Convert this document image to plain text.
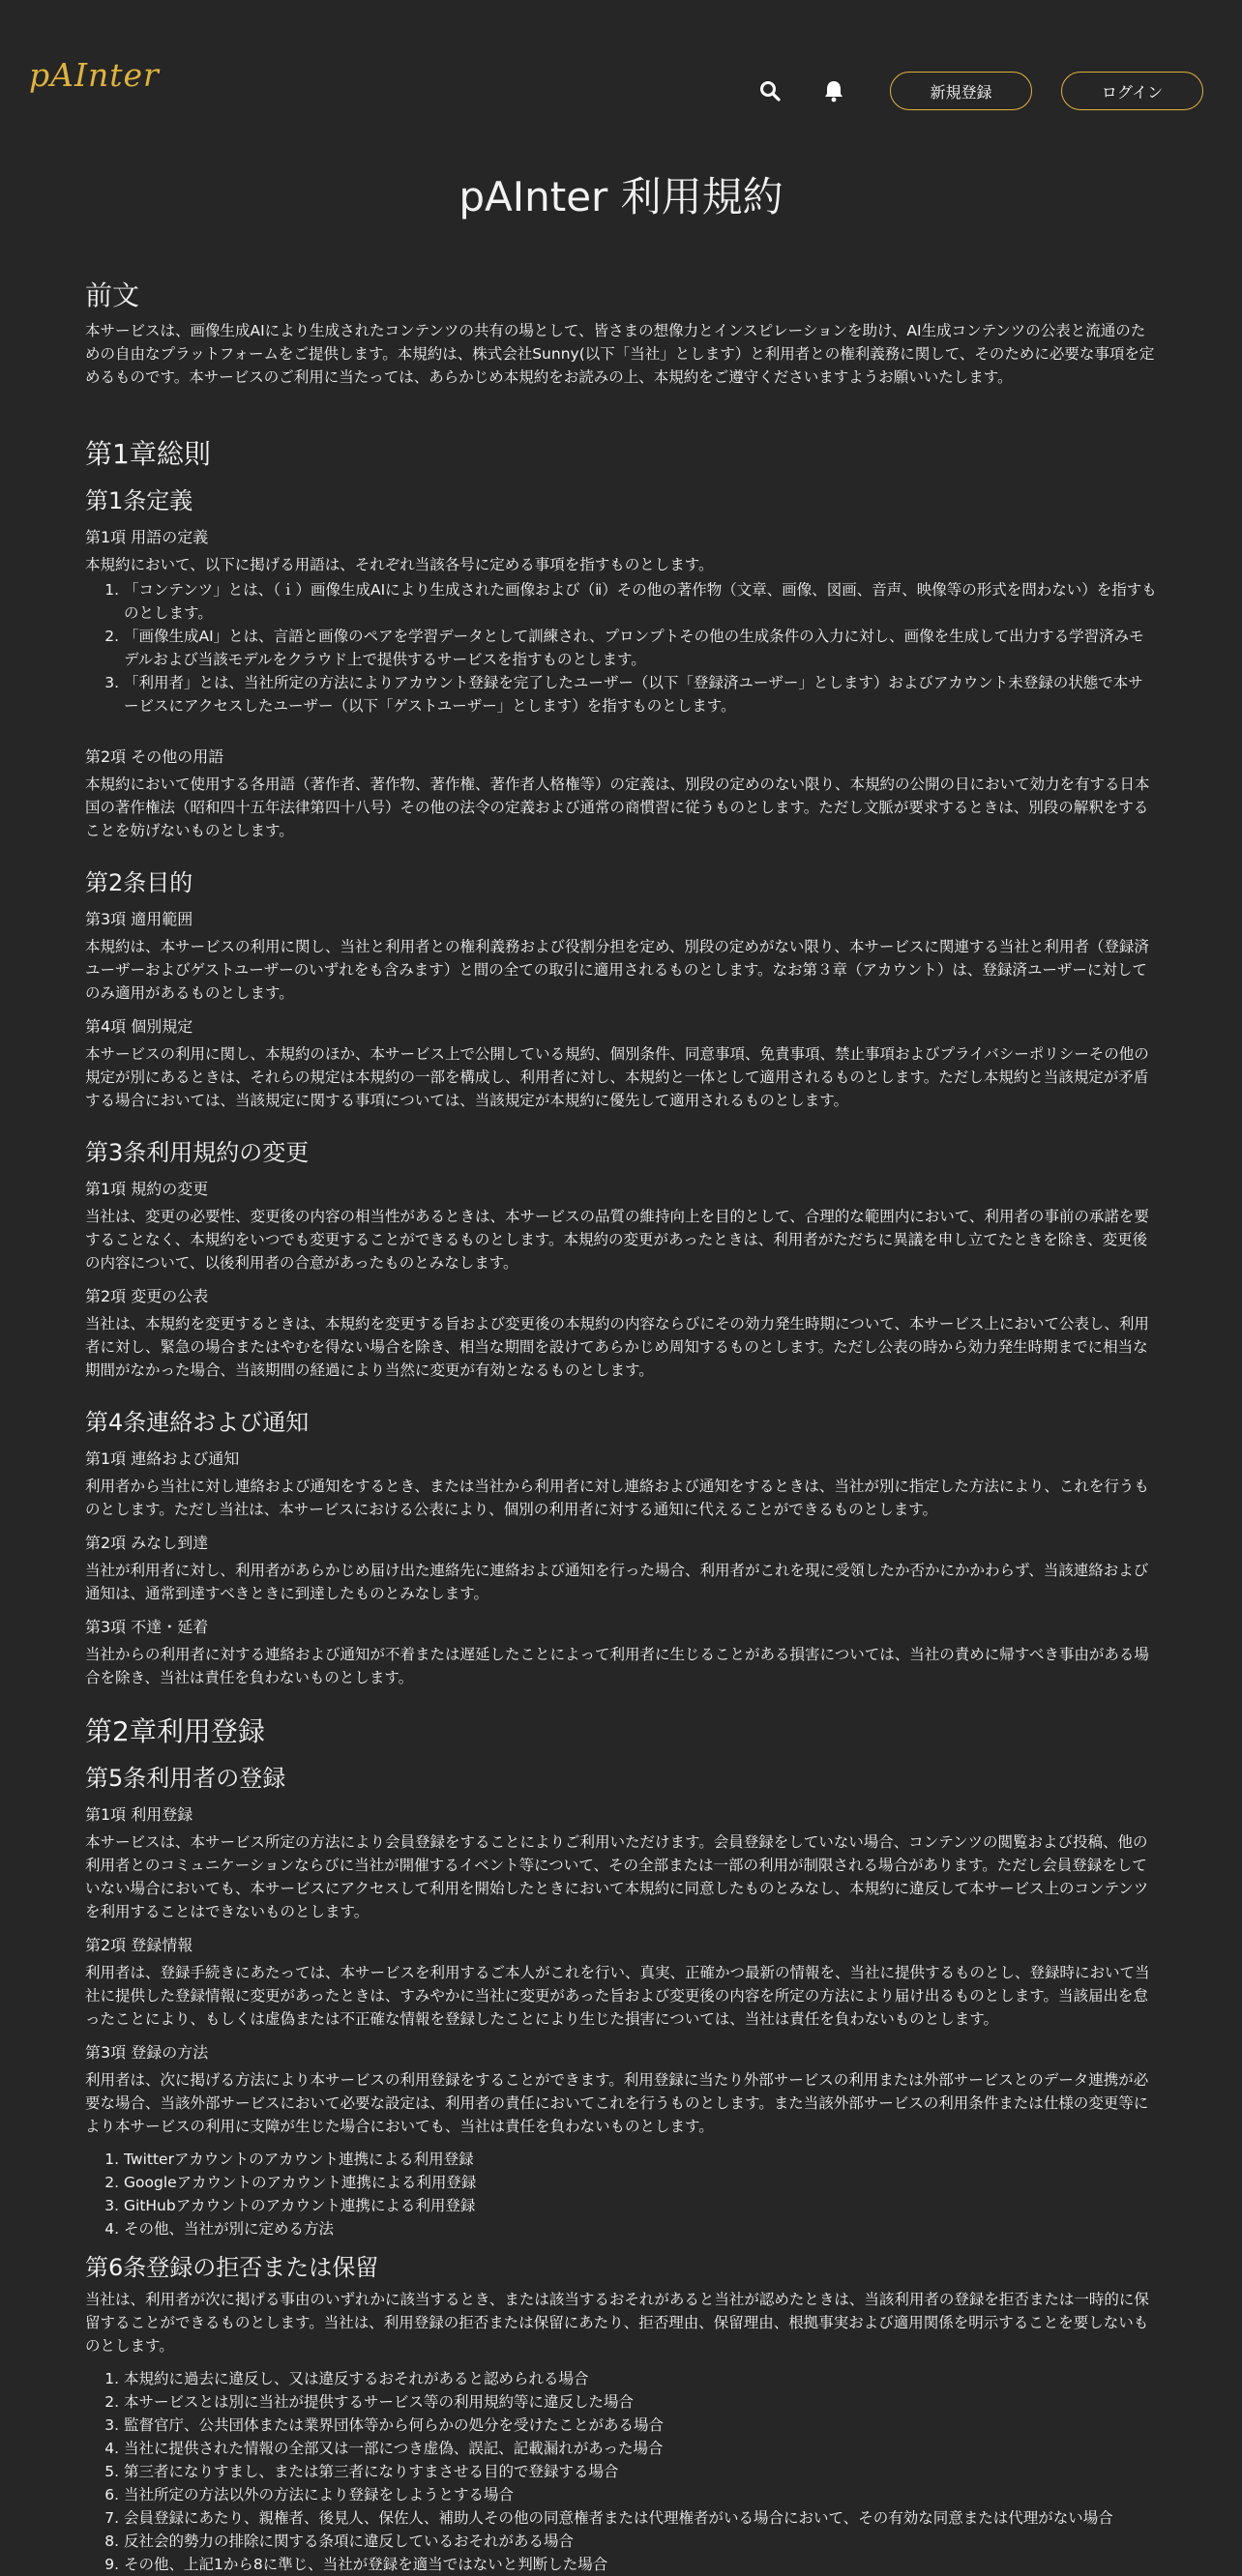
pAInter	新規登録	ログイン
pAInter 利用規約
前文

本サービスは、画像生成AIにより生成されたコンテンツの共有の場として、皆さまの想像力とインスピレーションを助け、AI生成コンテンツの公表と流通のための自由なプラットフォームをご提供します。本規約は、株式会社Sunny(以下「当社」とします）と利用者との権利義務に関して、そのために必要な事項を定めるものです。本サービスのご利用に当たっては、あらかじめ本規約をお読みの上、本規約をご遵守くださいますようお願いいたします。

第1章総則
第1条定義
第1項 用語の定義

本規約において、以下に掲げる用語は、それぞれ当該各号に定める事項を指すものとします。

1. 「コンテンツ」とは、（ｉ）画像生成AIにより生成された画像および（ⅱ）その他の著作物（文章、画像、図画、音声、映像等の形式を問わない）を指すものとします。
2. 「画像生成AI」とは、言語と画像のペアを学習データとして訓練され、プロンプトその他の生成条件の入力に対し、画像を生成して出力する学習済みモデルおよび当該モデルをクラウド上で提供するサービスを指すものとします。
3. 「利用者」とは、当社所定の方法によりアカウント登録を完了したユーザー（以下「登録済ユーザー」とします）およびアカウント未登録の状態で本サービスにアクセスしたユーザー（以下「ゲストユーザー」とします）を指すものとします。
第2項 その他の用語

本規約において使用する各用語（著作者、著作物、著作権、著作者人格権等）の定義は、別段の定めのない限り、本規約の公開の日において効力を有する日本国の著作権法（昭和四十五年法律第四十八号）その他の法令の定義および通常の商慣習に従うものとします。ただし文脈が要求するときは、別段の解釈をすることを妨げないものとします。

第2条目的
第3項 適用範囲

本規約は、本サービスの利用に関し、当社と利用者との権利義務および役割分担を定め、別段の定めがない限り、本サービスに関連する当社と利用者（登録済ユーザーおよびゲストユーザーのいずれをも含みます）と間の全ての取引に適用されるものとします。なお第３章（アカウント）は、登録済ユーザーに対してのみ適用があるものとします。

第4項 個別規定

本サービスの利用に関し、本規約のほか、本サービス上で公開している規約、個別条件、同意事項、免責事項、禁止事項およびプライバシーポリシーその他の規定が別にあるときは、それらの規定は本規約の一部を構成し、利用者に対し、本規約と一体として適用されるものとします。ただし本規約と当該規定が矛盾する場合においては、当該規定に関する事項については、当該規定が本規約に優先して適用されるものとします。

第3条利用規約の変更
第1項 規約の変更

当社は、変更の必要性、変更後の内容の相当性があるときは、本サービスの品質の維持向上を目的として、合理的な範囲内において、利用者の事前の承諾を要することなく、本規約をいつでも変更することができるものとします。本規約の変更があったときは、利用者がただちに異議を申し立てたときを除き、変更後の内容について、以後利用者の合意があったものとみなします。

第2項 変更の公表

当社は、本規約を変更するときは、本規約を変更する旨および変更後の本規約の内容ならびにその効力発生時期について、本サービス上において公表し、利用者に対し、緊急の場合またはやむを得ない場合を除き、相当な期間を設けてあらかじめ周知するものとします。ただし公表の時から効力発生時期までに相当な期間がなかった場合、当該期間の経過により当然に変更が有効となるものとします。

第4条連絡および通知
第1項 連絡および通知

利用者から当社に対し連絡および通知をするとき、または当社から利用者に対し連絡および通知をするときは、当社が別に指定した方法により、これを行うものとします。ただし当社は、本サービスにおける公表により、個別の利用者に対する通知に代えることができるものとします。

第2項 みなし到達

当社が利用者に対し、利用者があらかじめ届け出た連絡先に連絡および通知を行った場合、利用者がこれを現に受領したか否かにかかわらず、当該連絡および通知は、通常到達すべきときに到達したものとみなします。

第3項 不達・延着

当社からの利用者に対する連絡および通知が不着または遅延したことによって利用者に生じることがある損害については、当社の責めに帰すべき事由がある場合を除き、当社は責任を負わないものとします。

第2章利用登録
第5条利用者の登録
第1項 利用登録

本サービスは、本サービス所定の方法により会員登録をすることによりご利用いただけます。会員登録をしていない場合、コンテンツの閲覧および投稿、他の利用者とのコミュニケーションならびに当社が開催するイベント等について、その全部または一部の利用が制限される場合があります。ただし会員登録をしていない場合においても、本サービスにアクセスして利用を開始したときにおいて本規約に同意したものとみなし、本規約に違反して本サービス上のコンテンツを利用することはできないものとします。

第2項 登録情報

利用者は、登録手続きにあたっては、本サービスを利用するご本人がこれを行い、真実、正確かつ最新の情報を、当社に提供するものとし、登録時において当社に提供した登録情報に変更があったときは、すみやかに当社に変更があった旨および変更後の内容を所定の方法により届け出るものとします。当該届出を怠ったことにより、もしくは虚偽または不正確な情報を登録したことにより生じた損害については、当社は責任を負わないものとします。

第3項 登録の方法

利用者は、次に掲げる方法により本サービスの利用登録をすることができます。利用登録に当たり外部サービスの利用または外部サービスとのデータ連携が必要な場合、当該外部サービスにおいて必要な設定は、利用者の責任においてこれを行うものとします。また当該外部サービスの利用条件または仕様の変更等により本サービスの利用に支障が生じた場合においても、当社は責任を負わないものとします。

1. Twitterアカウントのアカウント連携による利用登録
2. Googleアカウントのアカウント連携による利用登録
3. GitHubアカウントのアカウント連携による利用登録
4. その他、当社が別に定める方法
第6条登録の拒否または保留

当社は、利用者が次に掲げる事由のいずれかに該当するとき、または該当するおそれがあると当社が認めたときは、当該利用者の登録を拒否または一時的に保留することができるものとします。当社は、利用登録の拒否または保留にあたり、拒否理由、保留理由、根拠事実および適用関係を明示することを要しないものとします。

1. 本規約に過去に違反し、又は違反するおそれがあると認められる場合
2. 本サービスとは別に当社が提供するサービス等の利用規約等に違反した場合
3. 監督官庁、公共団体または業界団体等から何らかの処分を受けたことがある場合
4. 当社に提供された情報の全部又は一部につき虚偽、誤記、記載漏れがあった場合
5. 第三者になりすまし、または第三者になりすまさせる目的で登録する場合
6. 当社所定の方法以外の方法により登録をしようとする場合
7. 会員登録にあたり、親権者、後見人、保佐人、補助人その他の同意権者または代理権者がいる場合において、その有効な同意または代理がない場合
8. 反社会的勢力の排除に関する条項に違反しているおそれがある場合
9. その他、上記1から8に準じ、当社が登録を適当ではないと判断した場合
